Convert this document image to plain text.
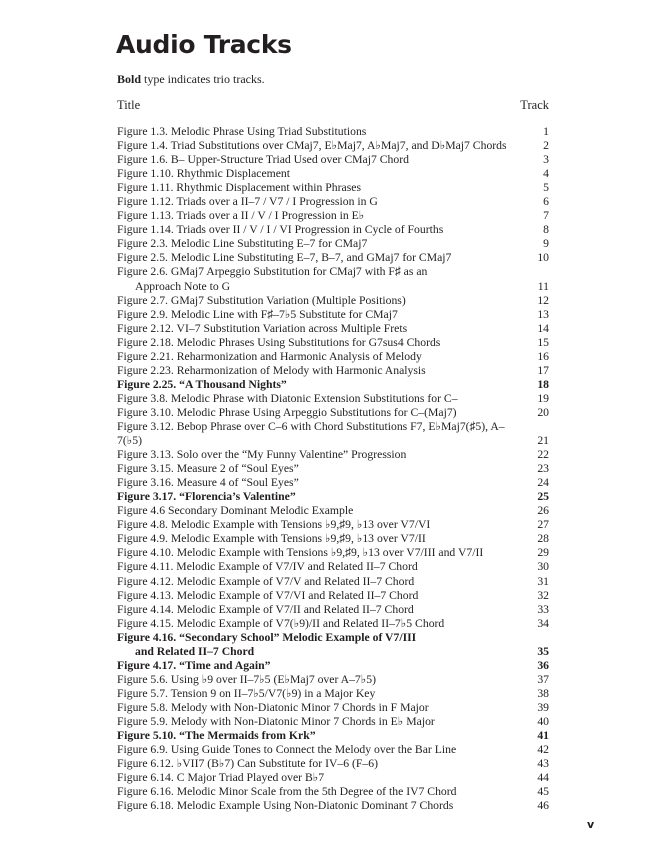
Audio Tracks
Bold type indicates trio tracks.
Title	Track
Figure 1.3. Melodic Phrase Using Triad Substitutions	1
Figure 1.4. Triad Substitutions over CMaj7, E♭Maj7, A♭Maj7, and D♭Maj7 Chords	2
Figure 1.6. B– Upper-Structure Triad Used over CMaj7 Chord	3
Figure 1.10. Rhythmic Displacement	4
Figure 1.11. Rhythmic Displacement within Phrases	5
Figure 1.12. Triads over a II–7 / V7 / I Progression in G	6
Figure 1.13. Triads over a II / V / I Progression in E♭	7
Figure 1.14. Triads over II / V / I / VI Progression in Cycle of Fourths	8
Figure 2.3. Melodic Line Substituting E–7 for CMaj7	9
Figure 2.5. Melodic Line Substituting E–7, B–7, and GMaj7 for CMaj7	10
Figure 2.6. GMaj7 Arpeggio Substitution for CMaj7 with F♯ as an
Approach Note to G	11
Figure 2.7. GMaj7 Substitution Variation (Multiple Positions)	12
Figure 2.9. Melodic Line with F♯–7♭5 Substitute for CMaj7	13
Figure 2.12. VI–7 Substitution Variation across Multiple Frets	14
Figure 2.18. Melodic Phrases Using Substitutions for G7sus4 Chords	15
Figure 2.21. Reharmonization and Harmonic Analysis of Melody	16
Figure 2.23. Reharmonization of Melody with Harmonic Analysis	17
Figure 2.25. “A Thousand Nights”	18
Figure 3.8. Melodic Phrase with Diatonic Extension Substitutions for C–	19
Figure 3.10. Melodic Phrase Using Arpeggio Substitutions for C–(Maj7)	20
Figure 3.12. Bebop Phrase over C–6 with Chord Substitutions F7, E♭Maj7(♯5), A–7(♭5)	21
Figure 3.13. Solo over the “My Funny Valentine” Progression	22
Figure 3.15. Measure 2 of “Soul Eyes”	23
Figure 3.16. Measure 4 of “Soul Eyes”	24
Figure 3.17. “Florencia’s Valentine”	25
Figure 4.6 Secondary Dominant Melodic Example	26
Figure 4.8. Melodic Example with Tensions ♭9,♯9, ♭13 over V7/VI	27
Figure 4.9. Melodic Example with Tensions ♭9,♯9, ♭13 over V7/II	28
Figure 4.10. Melodic Example with Tensions ♭9,♯9, ♭13 over V7/III and V7/II	29
Figure 4.11. Melodic Example of V7/IV and Related II–7 Chord	30
Figure 4.12. Melodic Example of V7/V and Related II–7 Chord	31
Figure 4.13. Melodic Example of V7/VI and Related II–7 Chord	32
Figure 4.14. Melodic Example of V7/II and Related II–7 Chord	33
Figure 4.15. Melodic Example of V7(♭9)/II and Related II–7♭5 Chord	34
Figure 4.16. “Secondary School” Melodic Example of V7/III
and Related II–7 Chord	35
Figure 4.17. “Time and Again”	36
Figure 5.6. Using ♭9 over II–7♭5 (E♭Maj7 over A–7♭5)	37
Figure 5.7. Tension 9 on II–7♭5/V7(♭9) in a Major Key	38
Figure 5.8. Melody with Non-Diatonic Minor 7 Chords in F Major	39
Figure 5.9. Melody with Non-Diatonic Minor 7 Chords in E♭ Major	40
Figure 5.10. “The Mermaids from Krk”	41
Figure 6.9. Using Guide Tones to Connect the Melody over the Bar Line	42
Figure 6.12. ♭VII7 (B♭7) Can Substitute for IV–6 (F–6)	43
Figure 6.14. C Major Triad Played over B♭7	44
Figure 6.16. Melodic Minor Scale from the 5th Degree of the IV7 Chord	45
Figure 6.18. Melodic Example Using Non-Diatonic Dominant 7 Chords	46
v
